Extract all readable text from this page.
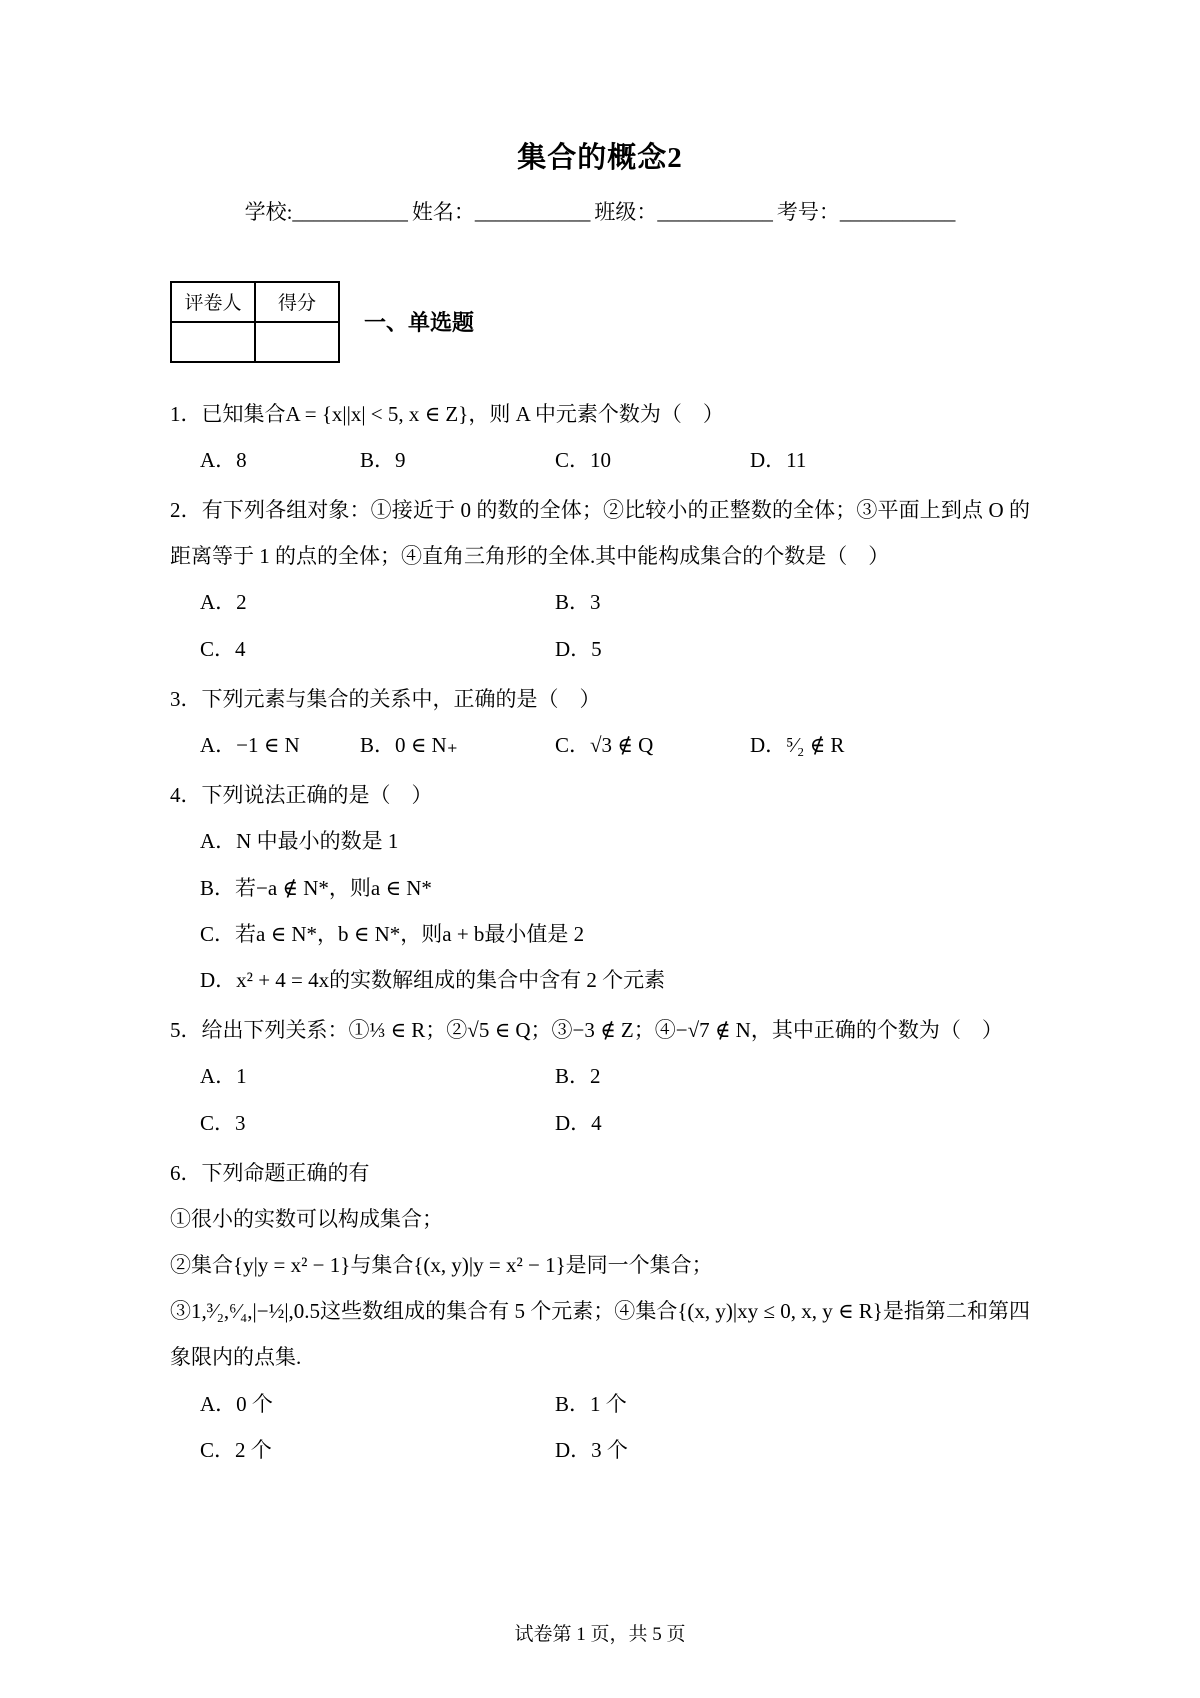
集合的概念2
学校:___________ 姓名：___________ 班级：___________ 考号：___________
评卷人	得分

一、单选题

1．已知集合A = {x||x| < 5, x ∈ Z}，则 A 中元素个数为（　）

A．8	B．9	C．10	D．11

2．有下列各组对象：①接近于 0 的数的全体；②比较小的正整数的全体；③平面上到点 O 的距离等于 1 的点的全体；④直角三角形的全体.其中能构成集合的个数是（　）

A．2	B．3
C．4	D．5

3．下列元素与集合的关系中，正确的是（　）

A．−1 ∈ N	B．0 ∈ N₊	C．√3 ∉ Q	D．⁵⁄₂ ∉ R

4．下列说法正确的是（　）

A．N 中最小的数是 1
B．若−a ∉ N*，则a ∈ N*
C．若a ∈ N*，b ∈ N*，则a + b最小值是 2
D．x² + 4 = 4x的实数解组成的集合中含有 2 个元素

5．给出下列关系：①⅓ ∈ R；②√5 ∈ Q；③−3 ∉ Z；④−√7 ∉ N，其中正确的个数为（　）

A．1	B．2
C．3	D．4

6．下列命题正确的有

①很小的实数可以构成集合；

②集合{y|y = x² − 1}与集合{(x, y)|y = x² − 1}是同一个集合；

③1,³⁄₂,⁶⁄₄,|−½|,0.5这些数组成的集合有 5 个元素；④集合{(x, y)|xy ≤ 0, x, y ∈ R}是指第二和第四象限内的点集.

A．0 个	B．1 个
C．2 个	D．3 个
试卷第 1 页，共 5 页
